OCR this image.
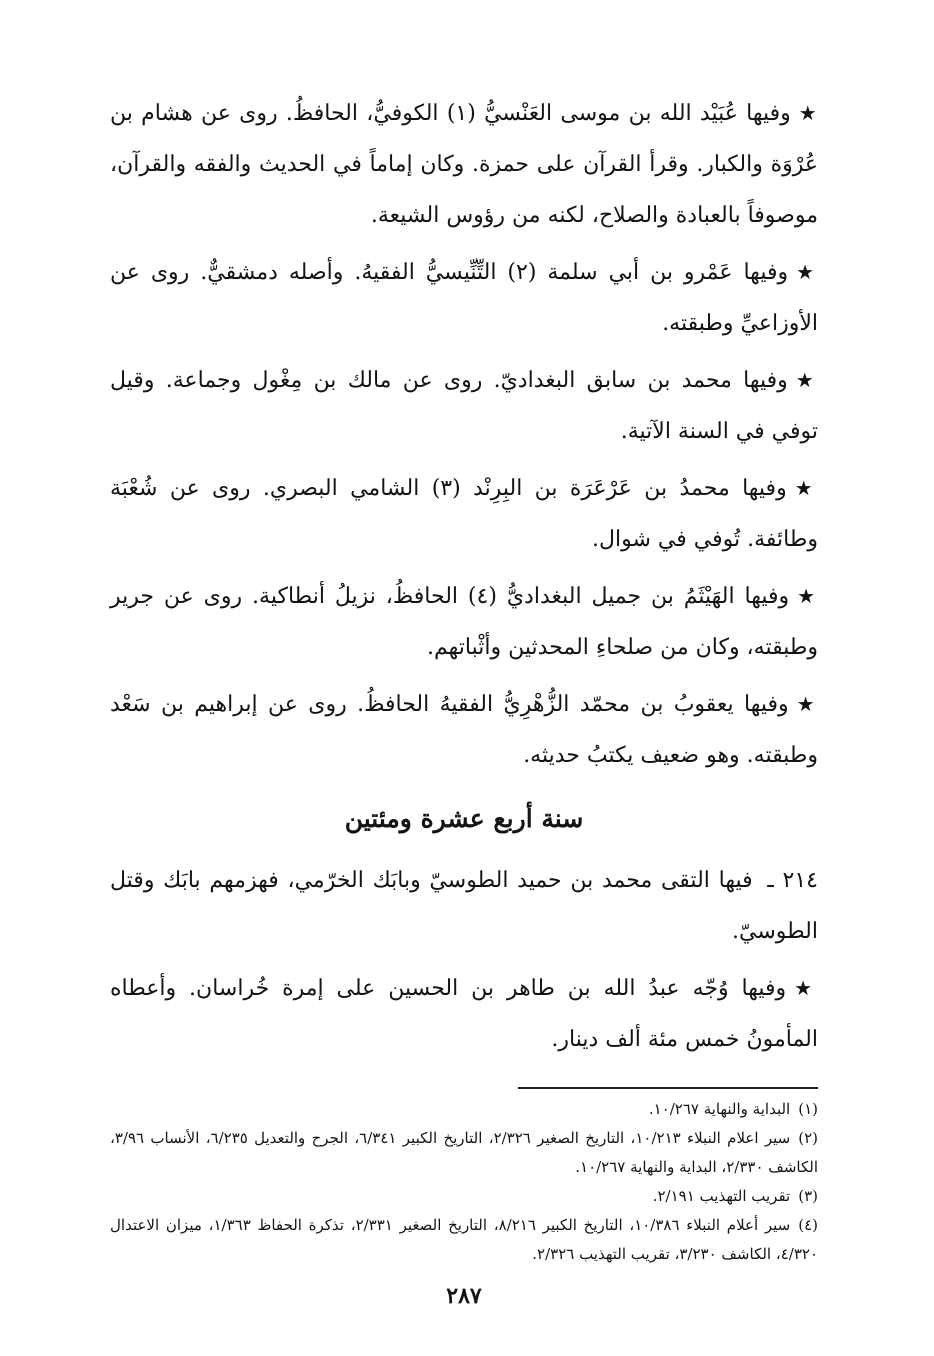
★وفيها عُبَيْد الله بن موسى العَنْسيُّ (١) الكوفيُّ، الحافظُ. روى عن هشام بن عُرْوَة والكبار. وقرأ القرآن على حمزة. وكان إماماً في الحديث والفقه والقرآن، موصوفاً بالعبادة والصلاح، لكنه من رؤوس الشيعة.

★وفيها عَمْرو بن أبي سلمة (٢) التِّنِّيسيُّ الفقيهُ. وأصله دمشقيٌّ. روى عن الأوزاعيِّ وطبقته.

★وفيها محمد بن سابق البغداديّ. روى عن مالك بن مِغْول وجماعة. وقيل توفي في السنة الآتية.

★وفيها محمدُ بن عَرْعَرَة بن البِرِنْد (٣) الشامي البصري. روى عن شُعْبَة وطائفة. تُوفي في شوال.

★وفيها الهَيْثَمُ بن جميل البغداديُّ (٤) الحافظُ، نزيلُ أنطاكية. روى عن جرير وطبقته، وكان من صلحاءِ المحدثين وأثْباتهم.

★وفيها يعقوبُ بن محمّد الزُّهْرِيُّ الفقيهُ الحافظُ. روى عن إبراهيم بن سَعْد وطبقته. وهو ضعيف يكتبُ حديثه.

سنة أربع عشرة ومئتين

٢١٤ ـ فيها التقى محمد بن حميد الطوسيّ وبابَك الخرّمي، فهزمهم بابَك وقتل الطوسيّ.

★وفيها وُجّه عبدُ الله بن طاهر بن الحسين على إمرة خُراسان. وأعطاه المأمونُ خمس مئة ألف دينار.

(١)البداية والنهاية ١٠/٢٦٧.

(٢)سير اعلام النبلاء ١٠/٢١٣، التاريخ الصغير ٢/٣٢٦، التاريخ الكبير ٦/٣٤١، الجرح والتعديل ٦/٢٣٥، الأنساب ٣/٩٦، الكاشف ٢/٣٣٠، البداية والنهاية ١٠/٢٦٧.

(٣)تقريب التهذيب ٢/١٩١.

(٤)سير أعلام النبلاء ١٠/٣٨٦، التاريخ الكبير ٨/٢١٦، التاريخ الصغير ٢/٣٣١، تذكرة الحفاظ ١/٣٦٣، ميزان الاعتدال ٤/٣٢٠، الكاشف ٣/٢٣٠، تقريب التهذيب ٢/٣٢٦.

٢٨٧
